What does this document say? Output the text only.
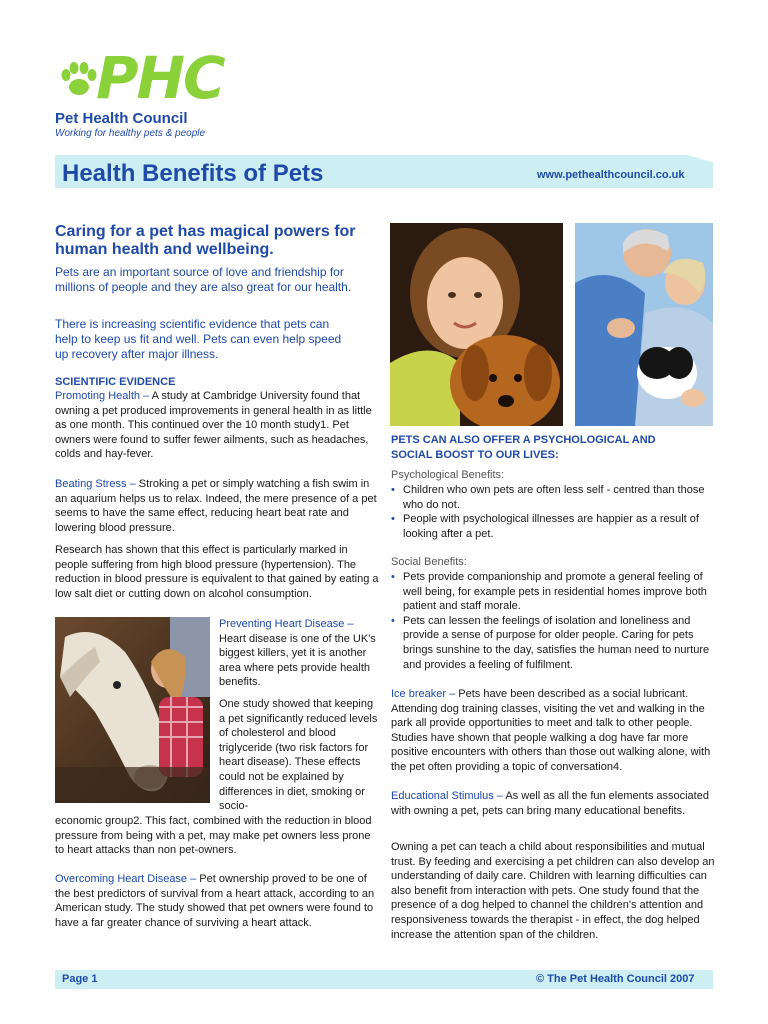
PHC
Pet Health Council
Working for healthy pets & people
Health Benefits of Pets	www.pethealthcouncil.co.uk
Caring for a pet has magical powers for human health and wellbeing.

Pets are an important source of love and friendship for millions of people and they are also great for our health.

There is increasing scientific evidence that pets can help to keep us fit and well. Pets can even help speed up recovery after major illness.

SCIENTIFIC EVIDENCE

Promoting Health – A study at Cambridge University found that owning a pet produced improvements in general health in as little as one month. This continued over the 10 month study1. Pet owners were found to suffer fewer ailments, such as headaches, colds and hay-fever.

Beating Stress – Stroking a pet or simply watching a fish swim in an aquarium helps us to relax. Indeed, the mere presence of a pet seems to have the same effect, reducing heart beat rate and lowering blood pressure.

Research has shown that this effect is particularly marked in people suffering from high blood pressure (hypertension). The reduction in blood pressure is equivalent to that gained by eating a low salt diet or cutting down on alcohol consumption.

Preventing Heart Disease – Heart disease is one of the UK's biggest killers, yet it is another area where pets provide health benefits.

One study showed that keeping a pet significantly reduced levels of cholesterol and blood triglyceride (two risk factors for heart disease). These effects could not be explained by differences in diet, smoking or socio-

economic group2. This fact, combined with the reduction in blood pressure from being with a pet, may make pet owners less prone to heart attacks than non pet-owners.

Overcoming Heart Disease – Pet ownership proved to be one of the best predictors of survival from a heart attack, according to an American study. The study showed that pet owners were found to have a far greater chance of surviving a heart attack.

PETS CAN ALSO OFFER A PSYCHOLOGICAL AND SOCIAL BOOST TO OUR LIVES:
Psychological Benefits:
• Children who own pets are often less self - centred than those who do not.
• People with psychological illnesses are happier as a result of looking after a pet.
Social Benefits:
• Pets provide companionship and promote a general feeling of well being, for example pets in residential homes improve both patient and staff morale.
• Pets can lessen the feelings of isolation and loneliness and provide a sense of purpose for older people. Caring for pets brings sunshine to the day, satisfies the human need to nurture and provides a feeling of fulfilment.

Ice breaker – Pets have been described as a social lubricant. Attending dog training classes, visiting the vet and walking in the park all provide opportunities to meet and talk to other people. Studies have shown that people walking a dog have far more positive encounters with others than those out walking alone, with the pet often providing a topic of conversation4.

Educational Stimulus – As well as all the fun elements associated with owning a pet, pets can bring many educational benefits.

Owning a pet can teach a child about responsibilities and mutual trust. By feeding and exercising a pet children can also develop an understanding of daily care. Children with learning difficulties can also benefit from interaction with pets. One study found that the presence of a dog helped to channel the children's attention and responsiveness towards the therapist - in effect, the dog helped increase the attention span of the children.

Page 1	© The Pet Health Council 2007
